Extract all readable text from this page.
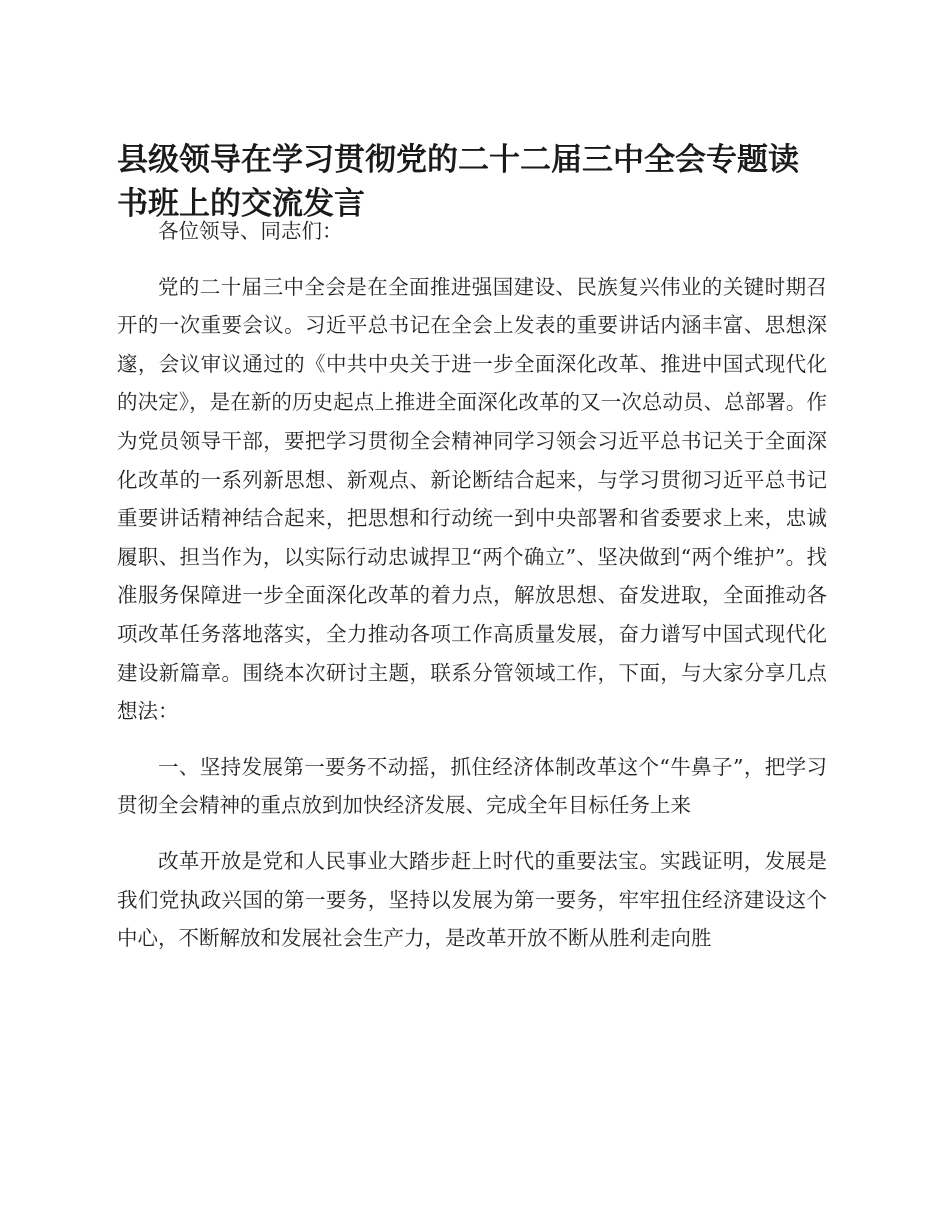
县级领导在学习贯彻党的二十二届三中全会专题读书班上的交流发言

各位领导、同志们：

党的二十届三中全会是在全面推进强国建设、民族复兴伟业的关键时期召开的一次重要会议。习近平总书记在全会上发表的重要讲话内涵丰富、思想深邃，会议审议通过的《中共中央关于进一步全面深化改革、推进中国式现代化的决定》，是在新的历史起点上推进全面深化改革的又一次总动员、总部署。作为党员领导干部，要把学习贯彻全会精神同学习领会习近平总书记关于全面深化改革的一系列新思想、新观点、新论断结合起来，与学习贯彻习近平总书记重要讲话精神结合起来，把思想和行动统一到中央部署和省委要求上来，忠诚履职、担当作为，以实际行动忠诚捍卫“两个确立”、坚决做到“两个维护”。找准服务保障进一步全面深化改革的着力点，解放思想、奋发进取，全面推动各项改革任务落地落实，全力推动各项工作高质量发展，奋力谱写中国式现代化建设新篇章。围绕本次研讨主题，联系分管领域工作，下面，与大家分享几点想法：

一、坚持发展第一要务不动摇，抓住经济体制改革这个“牛鼻子”，把学习贯彻全会精神的重点放到加快经济发展、完成全年目标任务上来

改革开放是党和人民事业大踏步赶上时代的重要法宝。实践证明，发展是我们党执政兴国的第一要务，坚持以发展为第一要务，牢牢扭住经济建设这个中心，不断解放和发展社会生产力，是改革开放不断从胜利走向胜
